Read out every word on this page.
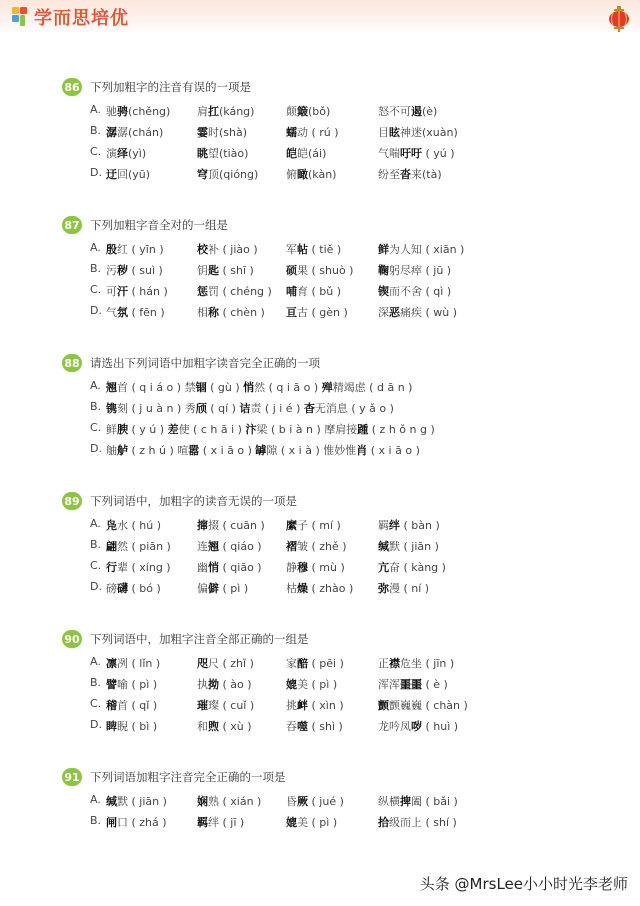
学而思培优
86 下列加粗字的注音有误的一项是
A. 驰骋(chěng) 肩扛(káng)	颠簸(bǒ)	怒不可遏(è)
B. 潺潺(chán)	霎时(shà)	蠕动 ( rú )	目眩神迷(xuàn)
C. 演绎(yì)	眺望(tiào)	皑皑(ái)	气喘吁吁 ( yú )
D. 迂回(yū)	穹顶(qióng)	俯瞰(kàn)	纷至沓来(tà)
87 下列加粗字音全对的一组是
A. 殷红 ( yīn )	校补 ( jiào )	军帖 ( tiě )	鲜为人知 ( xiān )
B. 污秽 ( suì )	钥匙 ( shī )	硕果 ( shuò ) 鞠躬尽瘁 ( jū )
C. 可汗 ( hán )	惩罚 ( chéng ) 哺育 ( bǔ )	锲而不舍 ( qì )
D. 气氛 ( fēn )	相称 ( chèn ) 亘古 ( gèn )	深恶痛疾 ( wù )
88 请选出下列词语中加粗字读音完全正确的一项
A. 翘首 ( q i á o ) 禁锢 ( gù ) 悄然 ( q i ā o ) 殚精竭虑 ( d ā n )
B. 镌刻 ( j u à n ) 秀颀 ( qí ) 诘责 ( j i é ) 杳无消息 ( y ǎ o )
C. 鲜腴 ( y ú ) 差使 ( c h ā i ) 汴梁 ( b i à n ) 摩肩接踵 ( z h ǒ n g )
D. 舳舻 ( z h ú ) 喧嚣 ( x i ā o ) 罅隙 ( x i à ) 惟妙惟肖 ( x i ā o )
89 下列词语中，加粗字的读音无误的一项是
A. 凫水 ( hú )	撺掇 ( cuān ) 縻子 ( mí )	羁绊 ( bàn )
B. 翩然 ( piān ) 连翘 ( qiáo ) 褶皱 ( zhě )	缄默 ( jiān )
C. 行辈 ( xíng ) 幽悄 ( qiāo ) 静穆 ( mù )	亢奋 ( kàng )
D. 磅礴 ( bó )	偏僻 ( pì )	枯燥 ( zhào ) 弥漫 ( ní )
90 下列词语中，加粗字注音全部正确的一组是
A. 凛冽 ( lǐn )	咫尺 ( zhǐ )	家醅 ( pēi )	正襟危坐 ( jīn )
B. 譬喻 ( pì )	执拗 ( ào )	媲美 ( pì )	浑浑噩噩 ( è )
C. 稽首 ( qǐ )	璀璨 ( cuǐ )	挑衅 ( xìn )	颤颤巍巍 ( chàn )
D. 睥睨 ( bì )	和煦 ( xù )	吞噬 ( shì )	龙吟凤哕 ( huì )
91 下列词语加粗字注音完全正确的一项是
A. 缄默 ( jiān )	娴熟 ( xián ) 昏厥 ( jué )	纵横捭阖 ( bǎi )
B. 闸口 ( zhá )	羁绊 ( jī )	媲美 ( pì )	拾级而上 ( shí )
头条 @MrsLee小小时光李老师
